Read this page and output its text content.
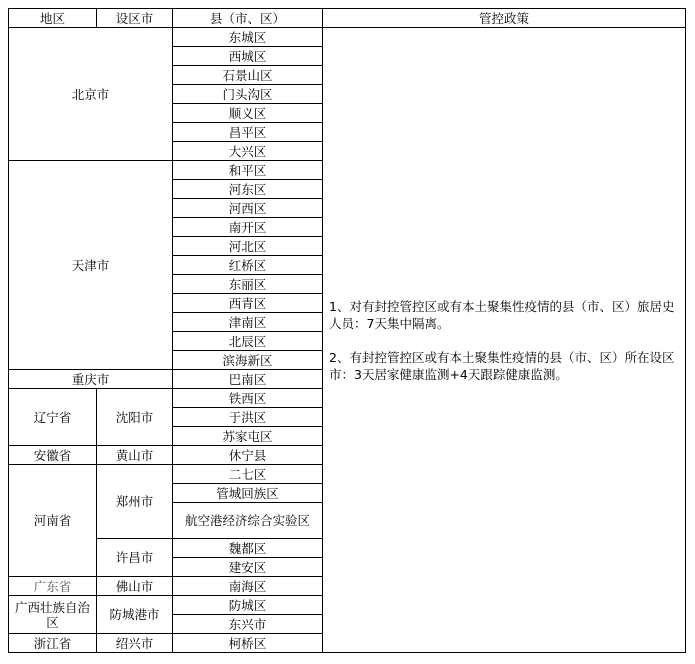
地区	设区市	县（市、区）	管控政策
北京市		东城区	1、对有封控管控区或有本土聚集性疫情的县（市、区）旅居史人员：7天集中隔离。

2、有封控管控区或有本土聚集性疫情的县（市、区）所在设区市：3天居家健康监测+4天跟踪健康监测。

		西城区	
		石景山区	
		门头沟区	
		顺义区	
		昌平区	
		大兴区	
天津市		和平区	
		河东区	
		河西区	
		南开区	
		河北区	
		红桥区	
		东丽区	
		西青区	
		津南区	
		北辰区	
		滨海新区	
重庆市		巴南区	
辽宁省	沈阳市	铁西区	
		于洪区	
		苏家屯区	
安徽省	黄山市	休宁县	
河南省	郑州市	二七区	
		管城回族区	
		航空港经济综合实验区	
	许昌市	魏都区	
		建安区	
广东省	佛山市	南海区	
广西壮族自治区	防城港市	防城区	
		东兴市	
浙江省	绍兴市	柯桥区	
